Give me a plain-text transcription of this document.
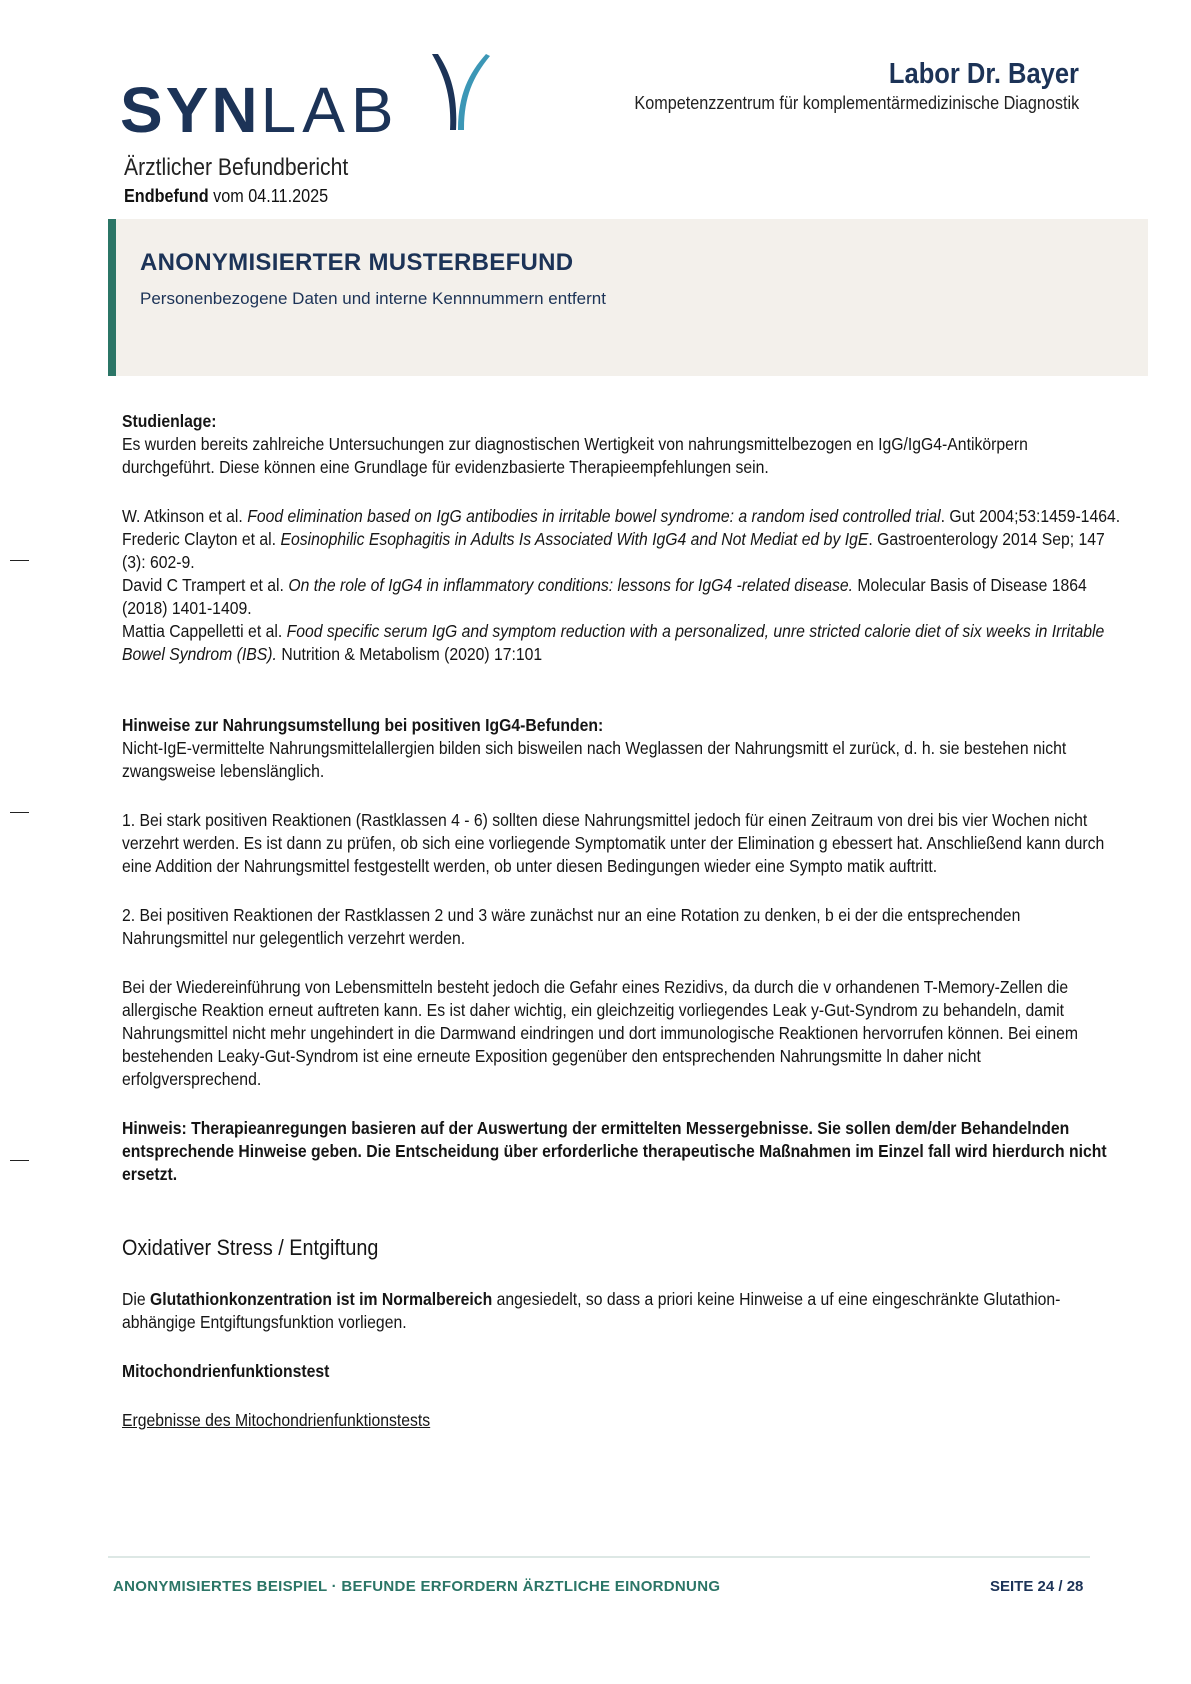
SYNLAB
Ärztlicher Befundbericht
Endbefund vom 04.11.2025
Labor Dr. Bayer
Kompetenzzentrum für komplementärmedizinische Diagnostik
ANONYMISIERTER MUSTERBEFUND
Personenbezogene Daten und interne Kennnummern entfernt

Studienlage:

Es wurden bereits zahlreiche Untersuchungen zur diagnostischen Wertigkeit von nahrungsmittelbezogen en IgG/IgG4-Antikörpern durchgeführt. Diese können eine Grundlage für evidenzbasierte Therapieempfehlungen sein.

W. Atkinson et al. Food elimination based on IgG antibodies in irritable bowel syndrome: a random ised controlled trial. Gut 2004;53:1459-1464.

Frederic Clayton et al. Eosinophilic Esophagitis in Adults Is Associated With IgG4 and Not Mediat ed by IgE. Gastroenterology 2014 Sep; 147 (3): 602-9.

David C Trampert et al. On the role of IgG4 in inflammatory conditions: lessons for IgG4 -related disease. Molecular Basis of Disease 1864 (2018) 1401-1409.

Mattia Cappelletti et al. Food specific serum IgG and symptom reduction with a personalized, unre stricted calorie diet of six weeks in Irritable Bowel Syndrom (IBS). Nutrition & Metabolism (2020) 17:101

Hinweise zur Nahrungsumstellung bei positiven IgG4-Befunden:

Nicht-IgE-vermittelte Nahrungsmittelallergien bilden sich bisweilen nach Weglassen der Nahrungsmitt el zurück, d. h. sie bestehen nicht zwangsweise lebenslänglich.

1. Bei stark positiven Reaktionen (Rastklassen 4 - 6) sollten diese Nahrungsmittel jedoch für einen Zeitraum von drei bis vier Wochen nicht verzehrt werden. Es ist dann zu prüfen, ob sich eine vorliegende Symptomatik unter der Elimination g ebessert hat. Anschließend kann durch eine Addition der Nahrungsmittel festgestellt werden, ob unter diesen Bedingungen wieder eine Sympto matik auftritt.

2. Bei positiven Reaktionen der Rastklassen 2 und 3 wäre zunächst nur an eine Rotation zu denken, b ei der die entsprechenden Nahrungsmittel nur gelegentlich verzehrt werden.

Bei der Wiedereinführung von Lebensmitteln besteht jedoch die Gefahr eines Rezidivs, da durch die v orhandenen T-Memory-Zellen die allergische Reaktion erneut auftreten kann. Es ist daher wichtig, ein gleichzeitig vorliegendes Leak y-Gut-Syndrom zu behandeln, damit Nahrungsmittel nicht mehr ungehindert in die Darmwand eindringen und dort immunologische Reaktionen hervorrufen können. Bei einem bestehenden Leaky-Gut-Syndrom ist eine erneute Exposition gegenüber den entsprechenden Nahrungsmitte ln daher nicht erfolgversprechend.

Hinweis: Therapieanregungen basieren auf der Auswertung der ermittelten Messergebnisse. Sie sollen dem/der Behandelnden entsprechende Hinweise geben. Die Entscheidung über erforderliche therapeutische Maßnahmen im Einzel fall wird hierdurch nicht ersetzt.

Oxidativer Stress / Entgiftung

Die Glutathionkonzentration ist im Normalbereich angesiedelt, so dass a priori keine Hinweise a uf eine eingeschränkte Glutathion-abhängige Entgiftungsfunktion vorliegen.

Mitochondrienfunktionstest

Ergebnisse des Mitochondrienfunktionstests

ANONYMISIERTES BEISPIEL · BEFUNDE ERFORDERN ÄRZTLICHE EINORDNUNG	SEITE 24 / 28
